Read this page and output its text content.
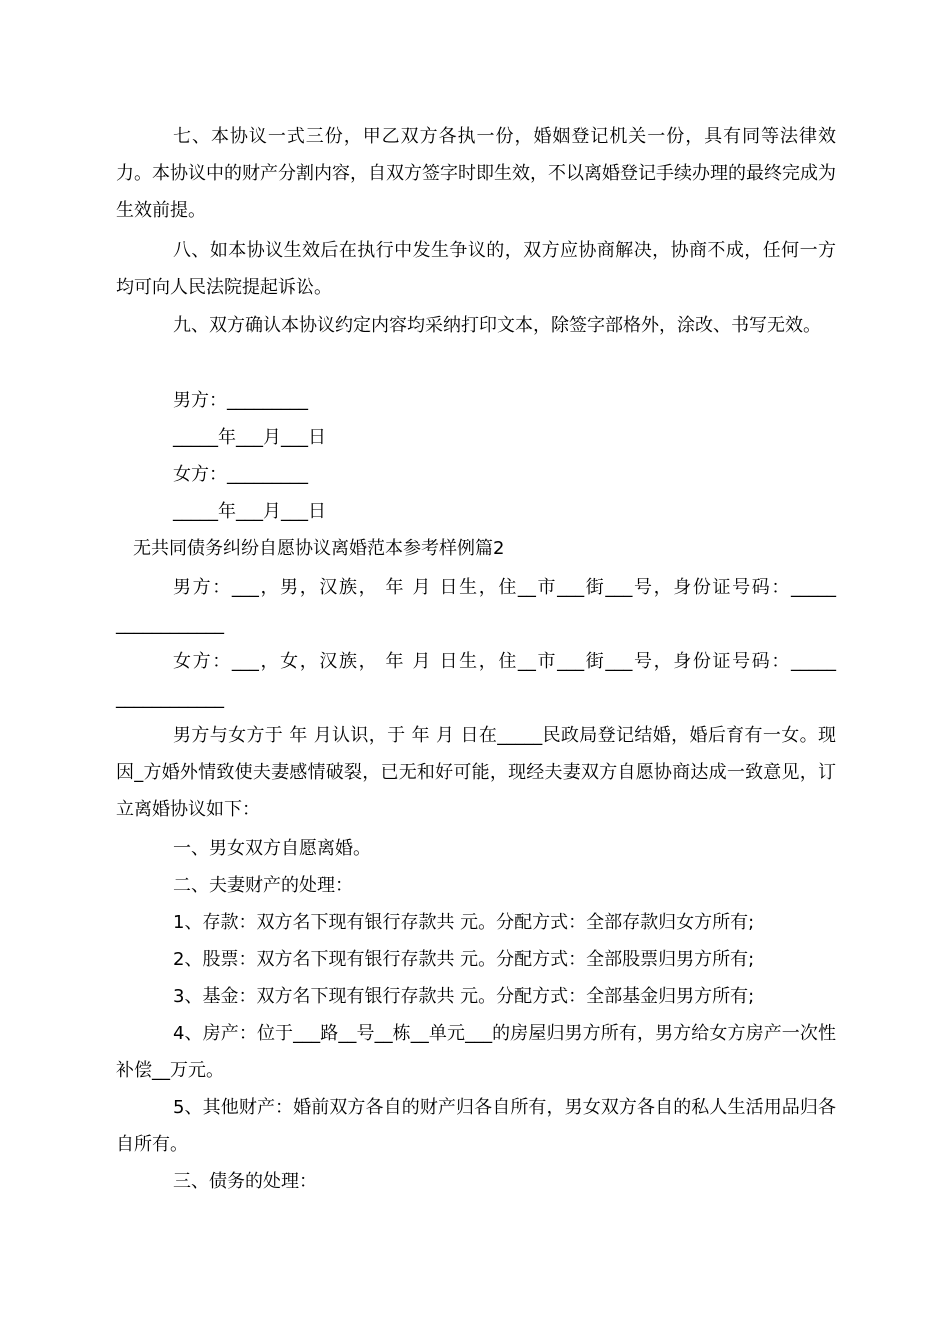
七、本协议一式三份，甲乙双方各执一份，婚姻登记机关一份，具有同等法律效力。本协议中的财产分割内容，自双方签字时即生效，不以离婚登记手续办理的最终完成为生效前提。

八、如本协议生效后在执行中发生争议的，双方应协商解决，协商不成，任何一方均可向人民法院提起诉讼。

九、双方确认本协议约定内容均采纳打印文本，除签字部格外，涂改、书写无效。

男方：_________
_____年___月___日
女方：_________
_____年___月___日
无共同债务纠纷自愿协议离婚范本参考样例篇2

男方：___，男，汉族， 年 月 日生，住__市___街___号，身份证号码：_____ ____________

女方：___，女，汉族， 年 月 日生，住__市___街___号，身份证号码：_____ ____________

男方与女方于 年 月认识，于 年 月 日在_____民政局登记结婚，婚后育有一女。现因_方婚外情致使夫妻感情破裂，已无和好可能，现经夫妻双方自愿协商达成一致意见，订立离婚协议如下：

一、男女双方自愿离婚。

二、夫妻财产的处理：

1、存款：双方名下现有银行存款共 元。分配方式：全部存款归女方所有;

2、股票：双方名下现有银行存款共 元。分配方式：全部股票归男方所有;

3、基金：双方名下现有银行存款共 元。分配方式：全部基金归男方所有;

4、房产：位于___路__号__栋__单元___的房屋归男方所有，男方给女方房产一次性补偿__万元。

5、其他财产：婚前双方各自的财产归各自所有，男女双方各自的私人生活用品归各自所有。

三、债务的处理：
